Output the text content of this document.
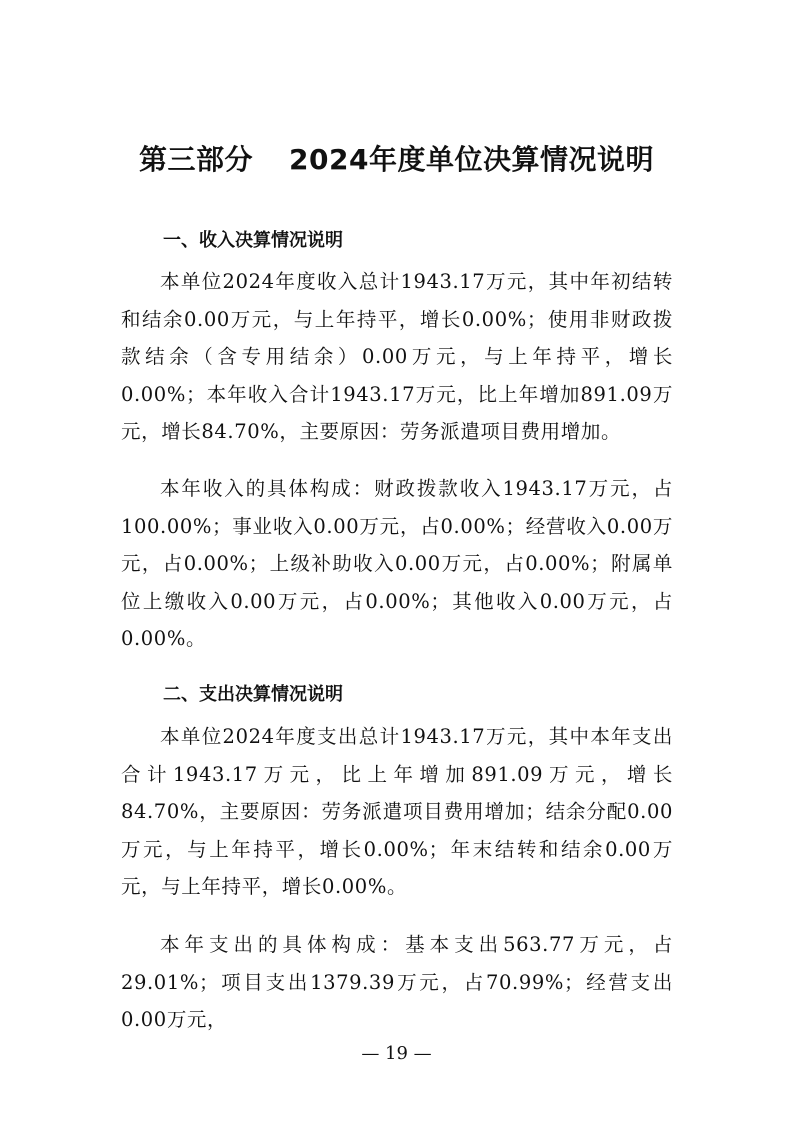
第三部分 2024年度单位决算情况说明
一、收入决算情况说明
本单位2024年度收入总计1943.17万元，其中年初结转和结余0.00万元，与上年持平，增长0.00%；使用非财政拨款结余（含专用结余）0.00万元，与上年持平，增长0.00%；本年收入合计1943.17万元，比上年增加891.09万元，增长84.70%，主要原因：劳务派遣项目费用增加。
本年收入的具体构成：财政拨款收入1943.17万元，占100.00%；事业收入0.00万元，占0.00%；经营收入0.00万元，占0.00%；上级补助收入0.00万元，占0.00%；附属单位上缴收入0.00万元，占0.00%；其他收入0.00万元，占0.00%。
二、支出决算情况说明
本单位2024年度支出总计1943.17万元，其中本年支出合计1943.17万元，比上年增加891.09万元，增长84.70%，主要原因：劳务派遣项目费用增加；结余分配0.00万元，与上年持平，增长0.00%；年末结转和结余0.00万元，与上年持平，增长0.00%。
本年支出的具体构成：基本支出563.77万元，占29.01%；项目支出1379.39万元，占70.99%；经营支出0.00万元，
— 19 —
